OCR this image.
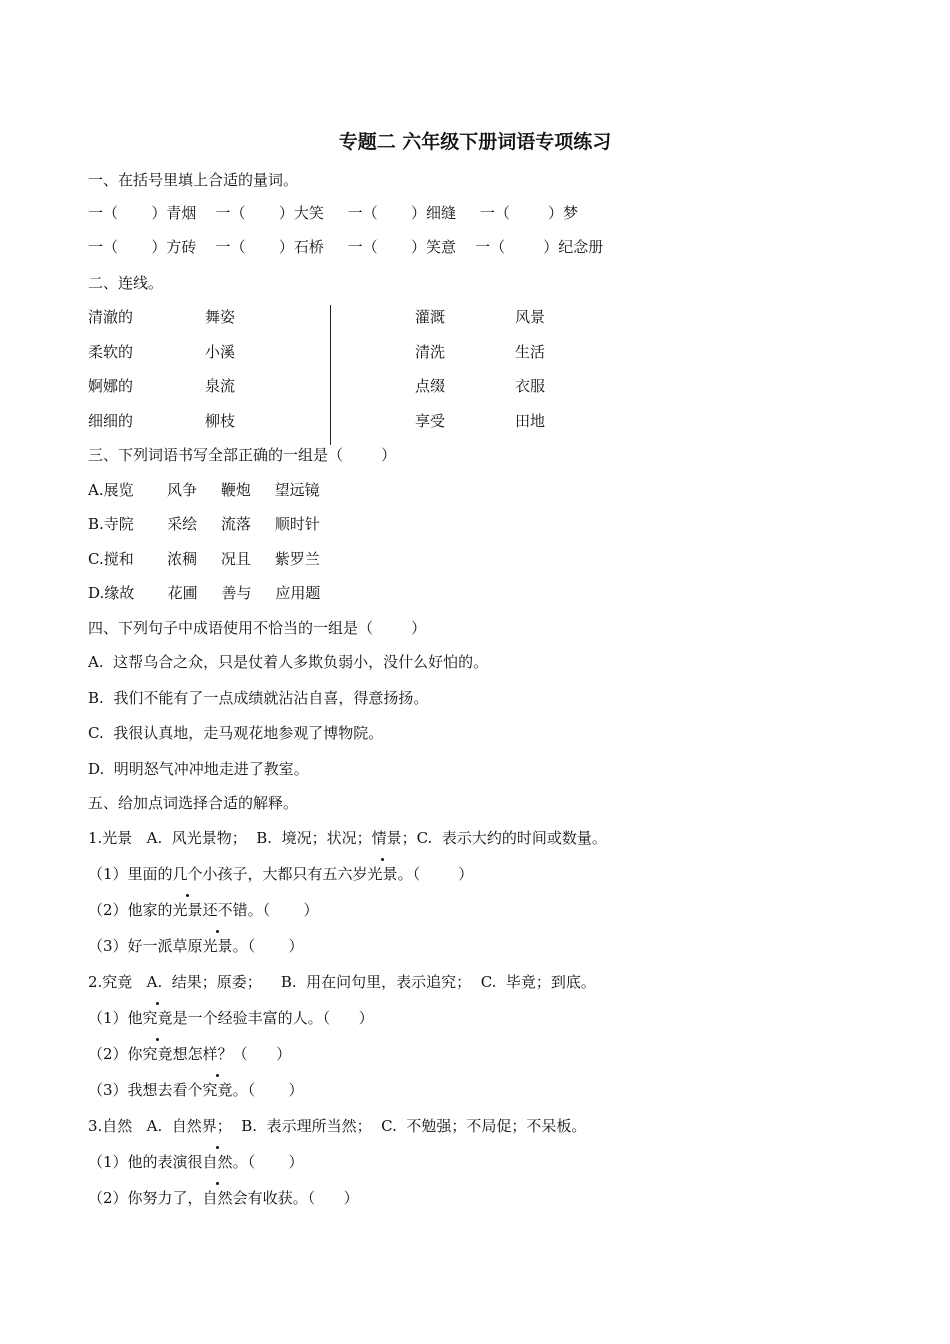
专题二 六年级下册词语专项练习
一、在括号里填上合适的量词。
一（       ）青烟    一（       ）大笑     一（       ）细缝     一（        ）梦
一（       ）方砖    一（       ）石桥     一（       ）笑意    一（        ）纪念册
二、连线。
清澈的
柔软的
婀娜的
细细的
舞姿
小溪
泉流
柳枝
灌溉
清洗
点缀
享受
风景
生活
衣服
田地
三、下列词语书写全部正确的一组是（        ）
A.展览       风争     鞭炮     望远镜
B.寺院       采绘     流落     顺时针
C.搅和       浓稠     况且     紫罗兰
D.缘故       花圃     善与     应用题
四、下列句子中成语使用不恰当的一组是（        ）
A.  这帮乌合之众，只是仗着人多欺负弱小，没什么好怕的。
B.  我们不能有了一点成绩就沾沾自喜，得意扬扬。
C.  我很认真地，走马观花地参观了博物院。
D.  明明怒气冲冲地走进了教室。
五、给加点词选择合适的解释。
1.光景   A.  风光景物；  B.  境况；状况；情景；C.  表示大约的时间或数量。
（1）里面的几个小孩子，大都只有五六岁光景。（        ）
（2）他家的光景还不错。（       ）
（3）好一派草原光景。（       ）
2.究竟   A.  结果；原委；    B.  用在问句里，表示追究；  C.  毕竟；到底。
（1）他究竟是一个经验丰富的人。（      ）
（2）你究竟想怎样？（      ）
（3）我想去看个究竟。（       ）
3.自然   A.  自然界；  B.  表示理所当然；  C.  不勉强；不局促；不呆板。
（1）他的表演很自然。（       ）
（2）你努力了，自然会有收获。（      ）
